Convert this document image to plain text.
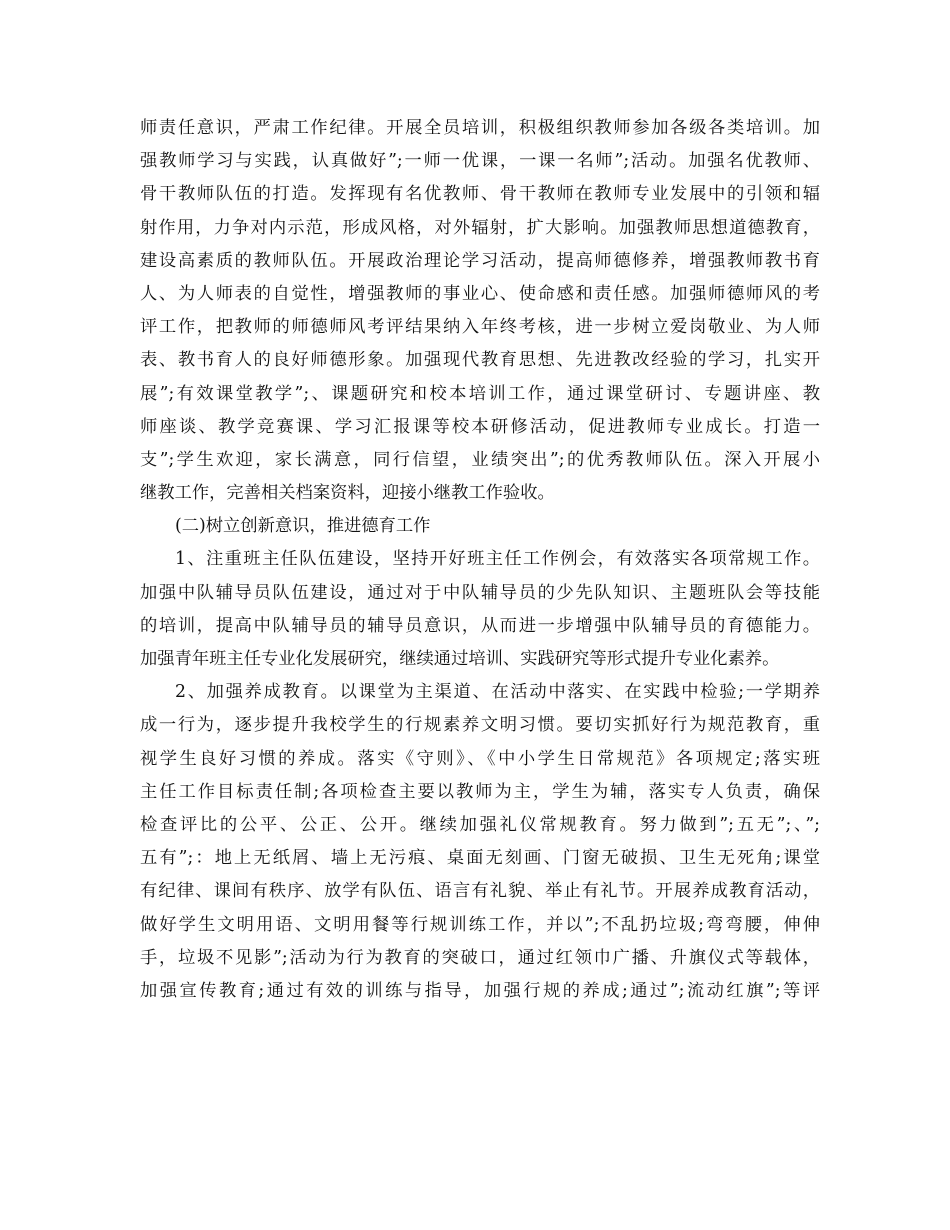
师责任意识，严肃工作纪律。开展全员培训，积极组织教师参加各级各类培训。加
强教师学习与实践，认真做好”;一师一优课，一课一名师”;活动。加强名优教师、
骨干教师队伍的打造。发挥现有名优教师、骨干教师在教师专业发展中的引领和辐
射作用，力争对内示范，形成风格，对外辐射，扩大影响。加强教师思想道德教育，
建设高素质的教师队伍。开展政治理论学习活动，提高师德修养，增强教师教书育
人、为人师表的自觉性，增强教师的事业心、使命感和责任感。加强师德师风的考
评工作，把教师的师德师风考评结果纳入年终考核，进一步树立爱岗敬业、为人师
表、教书育人的良好师德形象。加强现代教育思想、先进教改经验的学习，扎实开
展”;有效课堂教学”;、课题研究和校本培训工作，通过课堂研讨、专题讲座、教
师座谈、教学竞赛课、学习汇报课等校本研修活动，促进教师专业成长。打造一
支”;学生欢迎，家长满意，同行信望，业绩突出”;的优秀教师队伍。深入开展小
继教工作，完善相关档案资料，迎接小继教工作验收。
(二)树立创新意识，推进德育工作
1、注重班主任队伍建设，坚持开好班主任工作例会，有效落实各项常规工作。
加强中队辅导员队伍建设，通过对于中队辅导员的少先队知识、主题班队会等技能
的培训，提高中队辅导员的辅导员意识，从而进一步增强中队辅导员的育德能力。
加强青年班主任专业化发展研究，继续通过培训、实践研究等形式提升专业化素养。
2、加强养成教育。以课堂为主渠道、在活动中落实、在实践中检验;一学期养
成一行为，逐步提升我校学生的行规素养文明习惯。要切实抓好行为规范教育，重
视学生良好习惯的养成。落实《守则》、《中小学生日常规范》各项规定;落实班
主任工作目标责任制;各项检查主要以教师为主，学生为辅，落实专人负责，确保
检查评比的公平、公正、公开。继续加强礼仪常规教育。努力做到”;五无”;、”;
五有”;：地上无纸屑、墙上无污痕、桌面无刻画、门窗无破损、卫生无死角;课堂
有纪律、课间有秩序、放学有队伍、语言有礼貌、举止有礼节。开展养成教育活动，
做好学生文明用语、文明用餐等行规训练工作，并以”;不乱扔垃圾;弯弯腰，伸伸
手，垃圾不见影”;活动为行为教育的突破口，通过红领巾广播、升旗仪式等载体，
加强宣传教育;通过有效的训练与指导，加强行规的养成;通过”;流动红旗”;等评
